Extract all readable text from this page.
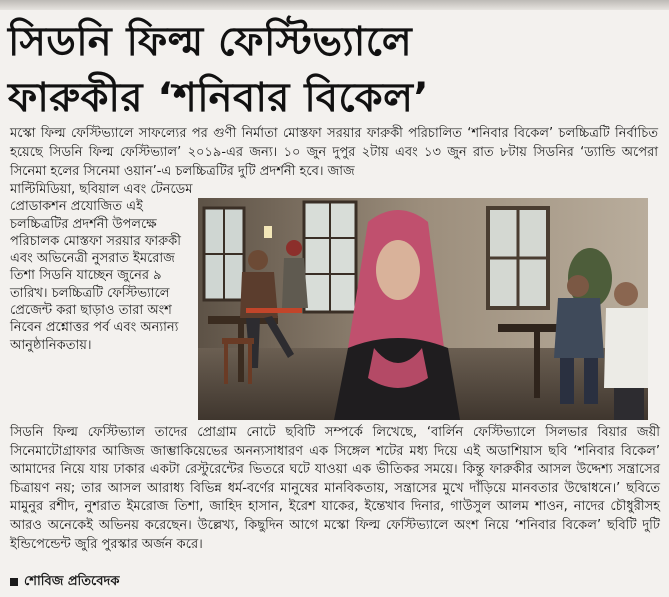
সিডনি ফিল্ম ফেস্টিভ্যালে
ফারুকীর ‘শনিবার বিকেল’
মস্কো ফিল্ম ফেস্টিভ্যালে সাফল্যের পর গুণী নির্মাতা মোস্তফা সরয়ার ফারুকী পরিচালিত ‘শনিবার বিকেল’ চলচ্চিত্রটি নির্বাচিত হয়েছে সিডনি ফিল্ম ফেস্টিভ্যাল’ ২০১৯-এর জন্য। ১০ জুন দুপুর ২টায় এবং ১৩ জুন রাত ৮টায় সিডনির ‘ড্যান্ডি অপেরা সিনেমা হলের সিনেমা ওয়ান’-এ চলচ্চিত্রটির দুটি প্রদর্শনী হবে। জাজ
মাল্টিমিডিয়া, ছবিয়াল এবং টেনডেম প্রোডাকশন প্রযোজিত এই চলচ্চিত্রটির প্রদর্শনী উপলক্ষে পরিচালক মোস্তফা সরয়ার ফারুকী এবং অভিনেত্রী নুসরাত ইমরোজ তিশা সিডনি যাচ্ছেন জুনের ৯ তারিখ। চলচ্চিত্রটি ফেস্টিভ্যালে প্রেজেন্ট করা ছাড়াও তারা অংশ নিবেন প্রশ্নোত্তর পর্ব এবং অন্যান্য আনুষ্ঠানিকতায়।
সিডনি ফিল্ম ফেস্টিভ্যাল তাদের প্রোগ্রাম নোটে ছবিটি সম্পর্কে লিখেছে, ‘বার্লিন ফেস্টিভ্যালে সিলভার বিয়ার জয়ী সিনেমাটোগ্রাফার আজিজ জাম্ভাকিয়েভের অনন্যসাধারণ এক সিঙ্গেল শটের মধ্য দিয়ে এই অডাশিয়াস ছবি ‘শনিবার বিকেল’ আমাদের নিয়ে যায় ঢাকার একটা রেস্টুরেন্টের ভিতরে ঘটে যাওয়া এক ভীতিকর সময়ে। কিন্তু ফারুকীর আসল উদ্দেশ্য সন্ত্রাসের চিত্রায়ণ নয়; তার আসল আরাধ্য বিভিন্ন ধর্ম-বর্ণের মানুষের মানবিকতায়, সন্ত্রাসের মুখে দাঁড়িয়ে মানবতার উদ্বোধনে।’ ছবিতে মামুনুর রশীদ, নুশরাত ইমরোজ তিশা, জাহিদ হাসান, ইরেশ যাকের, ইন্তেখাব দিনার, গাউসুল আলম শাওন, নাদের চৌধুরীসহ আরও অনেকেই অভিনয় করেছেন। উল্লেখ্য, কিছুদিন আগে মস্কো ফিল্ম ফেস্টিভ্যালে অংশ নিয়ে ‘শনিবার বিকেল’ ছবিটি দুটি ইন্ডিপেন্ডেন্ট জুরি পুরস্কার অর্জন করে।
শোবিজ প্রতিবেদক
